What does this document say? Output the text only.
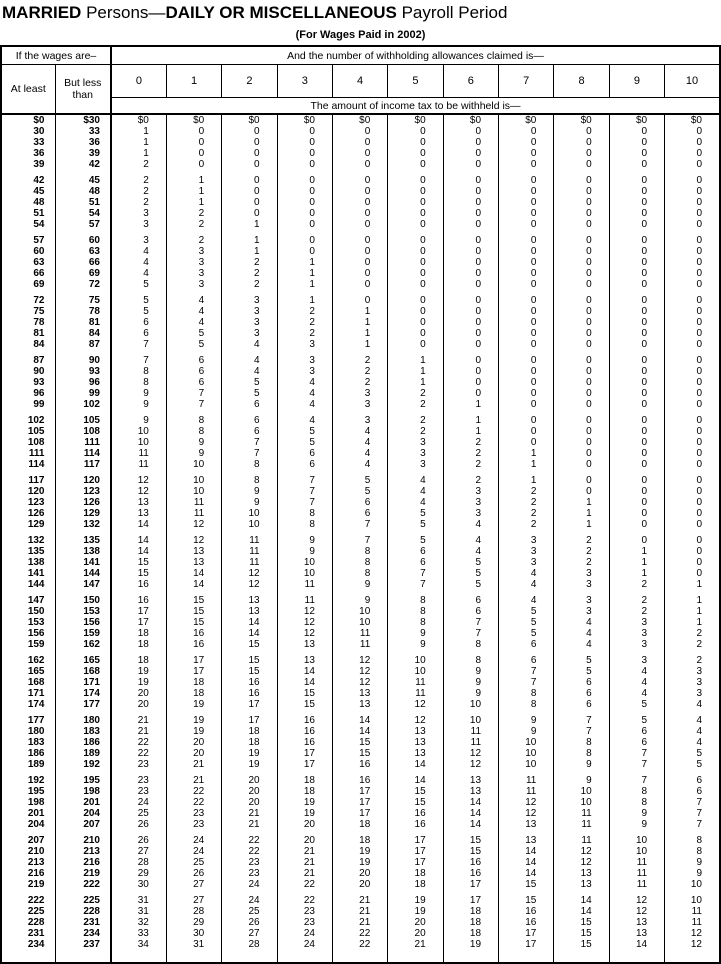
MARRIED Persons—DAILY OR MISCELLANEOUS Payroll Period
(For Wages Paid in 2002)
If the wages are–		And the number of withholding allowances claimed is—										
At least	But less than	0	1	2	3	4	5	6	7	8	9	10
		The amount of income tax to be withheld is—										
$0	$30	$0	$0	$0	$0	$0	$0	$0	$0	$0	$0	$0
30	33	1	0	0	0	0	0	0	0	0	0	0
33	36	1	0	0	0	0	0	0	0	0	0	0
36	39	1	0	0	0	0	0	0	0	0	0	0
39	42	2	0	0	0	0	0	0	0	0	0	0
42	45	2	1	0	0	0	0	0	0	0	0	0
45	48	2	1	0	0	0	0	0	0	0	0	0
48	51	2	1	0	0	0	0	0	0	0	0	0
51	54	3	2	0	0	0	0	0	0	0	0	0
54	57	3	2	1	0	0	0	0	0	0	0	0
57	60	3	2	1	0	0	0	0	0	0	0	0
60	63	4	3	1	0	0	0	0	0	0	0	0
63	66	4	3	2	1	0	0	0	0	0	0	0
66	69	4	3	2	1	0	0	0	0	0	0	0
69	72	5	3	2	1	0	0	0	0	0	0	0
72	75	5	4	3	1	0	0	0	0	0	0	0
75	78	5	4	3	2	1	0	0	0	0	0	0
78	81	6	4	3	2	1	0	0	0	0	0	0
81	84	6	5	3	2	1	0	0	0	0	0	0
84	87	7	5	4	3	1	0	0	0	0	0	0
87	90	7	6	4	3	2	1	0	0	0	0	0
90	93	8	6	4	3	2	1	0	0	0	0	0
93	96	8	6	5	4	2	1	0	0	0	0	0
96	99	9	7	5	4	3	2	0	0	0	0	0
99	102	9	7	6	4	3	2	1	0	0	0	0
102	105	9	8	6	4	3	2	1	0	0	0	0
105	108	10	8	6	5	4	2	1	0	0	0	0
108	111	10	9	7	5	4	3	2	0	0	0	0
111	114	11	9	7	6	4	3	2	1	0	0	0
114	117	11	10	8	6	4	3	2	1	0	0	0
117	120	12	10	8	7	5	4	2	1	0	0	0
120	123	12	10	9	7	5	4	3	2	0	0	0
123	126	13	11	9	7	6	4	3	2	1	0	0
126	129	13	11	10	8	6	5	3	2	1	0	0
129	132	14	12	10	8	7	5	4	2	1	0	0
132	135	14	12	11	9	7	5	4	3	2	0	0
135	138	14	13	11	9	8	6	4	3	2	1	0
138	141	15	13	11	10	8	6	5	3	2	1	0
141	144	15	14	12	10	8	7	5	4	3	1	0
144	147	16	14	12	11	9	7	5	4	3	2	1
147	150	16	15	13	11	9	8	6	4	3	2	1
150	153	17	15	13	12	10	8	6	5	3	2	1
153	156	17	15	14	12	10	8	7	5	4	3	1
156	159	18	16	14	12	11	9	7	5	4	3	2
159	162	18	16	15	13	11	9	8	6	4	3	2
162	165	18	17	15	13	12	10	8	6	5	3	2
165	168	19	17	15	14	12	10	9	7	5	4	3
168	171	19	18	16	14	12	11	9	7	6	4	3
171	174	20	18	16	15	13	11	9	8	6	4	3
174	177	20	19	17	15	13	12	10	8	6	5	4
177	180	21	19	17	16	14	12	10	9	7	5	4
180	183	21	19	18	16	14	13	11	9	7	6	4
183	186	22	20	18	16	15	13	11	10	8	6	4
186	189	22	20	19	17	15	13	12	10	8	7	5
189	192	23	21	19	17	16	14	12	10	9	7	5
192	195	23	21	20	18	16	14	13	11	9	7	6
195	198	23	22	20	18	17	15	13	11	10	8	6
198	201	24	22	20	19	17	15	14	12	10	8	7
201	204	25	23	21	19	17	16	14	12	11	9	7
204	207	26	23	21	20	18	16	14	13	11	9	7
207	210	26	24	22	20	18	17	15	13	11	10	8
210	213	27	24	22	21	19	17	15	14	12	10	8
213	216	28	25	23	21	19	17	16	14	12	11	9
216	219	29	26	23	21	20	18	16	14	13	11	9
219	222	30	27	24	22	20	18	17	15	13	11	10
222	225	31	27	24	22	21	19	17	15	14	12	10
225	228	31	28	25	23	21	19	18	16	14	12	11
228	231	32	29	26	23	21	20	18	16	15	13	11
231	234	33	30	27	24	22	20	18	17	15	13	12
234	237	34	31	28	24	22	21	19	17	15	14	12
